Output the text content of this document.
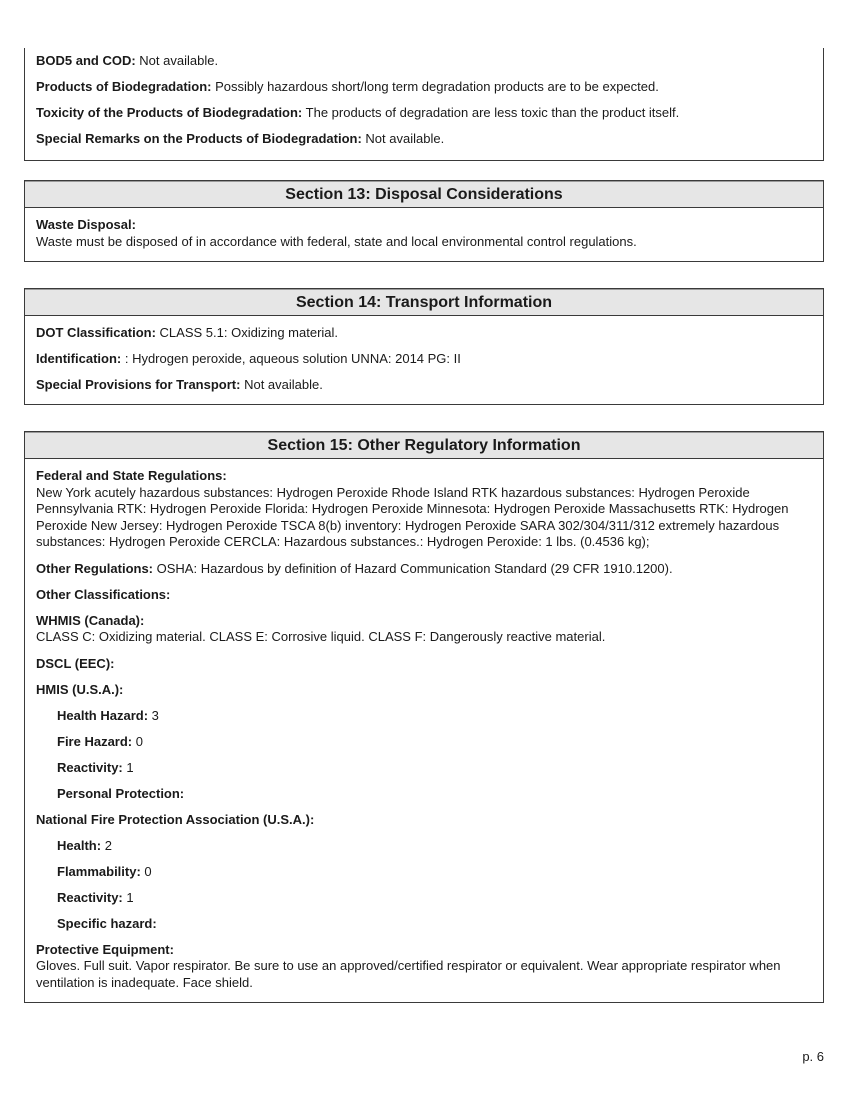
BOD5 and COD: Not available.
Products of Biodegradation: Possibly hazardous short/long term degradation products are to be expected.
Toxicity of the Products of Biodegradation: The products of degradation are less toxic than the product itself.
Special Remarks on the Products of Biodegradation: Not available.
Section 13: Disposal Considerations
Waste Disposal:
Waste must be disposed of in accordance with federal, state and local environmental control regulations.
Section 14: Transport Information
DOT Classification: CLASS 5.1: Oxidizing material.
Identification: : Hydrogen peroxide, aqueous solution UNNA: 2014 PG: II
Special Provisions for Transport: Not available.
Section 15: Other Regulatory Information
Federal and State Regulations:
New York acutely hazardous substances: Hydrogen Peroxide Rhode Island RTK hazardous substances: Hydrogen Peroxide Pennsylvania RTK: Hydrogen Peroxide Florida: Hydrogen Peroxide Minnesota: Hydrogen Peroxide Massachusetts RTK: Hydrogen Peroxide New Jersey: Hydrogen Peroxide TSCA 8(b) inventory: Hydrogen Peroxide SARA 302/304/311/312 extremely hazardous substances: Hydrogen Peroxide CERCLA: Hazardous substances.: Hydrogen Peroxide: 1 lbs. (0.4536 kg);
Other Regulations: OSHA: Hazardous by definition of Hazard Communication Standard (29 CFR 1910.1200).
Other Classifications:
WHMIS (Canada):
CLASS C: Oxidizing material. CLASS E: Corrosive liquid. CLASS F: Dangerously reactive material.
DSCL (EEC):
HMIS (U.S.A.):
Health Hazard: 3
Fire Hazard: 0
Reactivity: 1
Personal Protection:
National Fire Protection Association (U.S.A.):
Health: 2
Flammability: 0
Reactivity: 1
Specific hazard:
Protective Equipment:
Gloves. Full suit. Vapor respirator. Be sure to use an approved/certified respirator or equivalent. Wear appropriate respirator when ventilation is inadequate. Face shield.
p. 6
